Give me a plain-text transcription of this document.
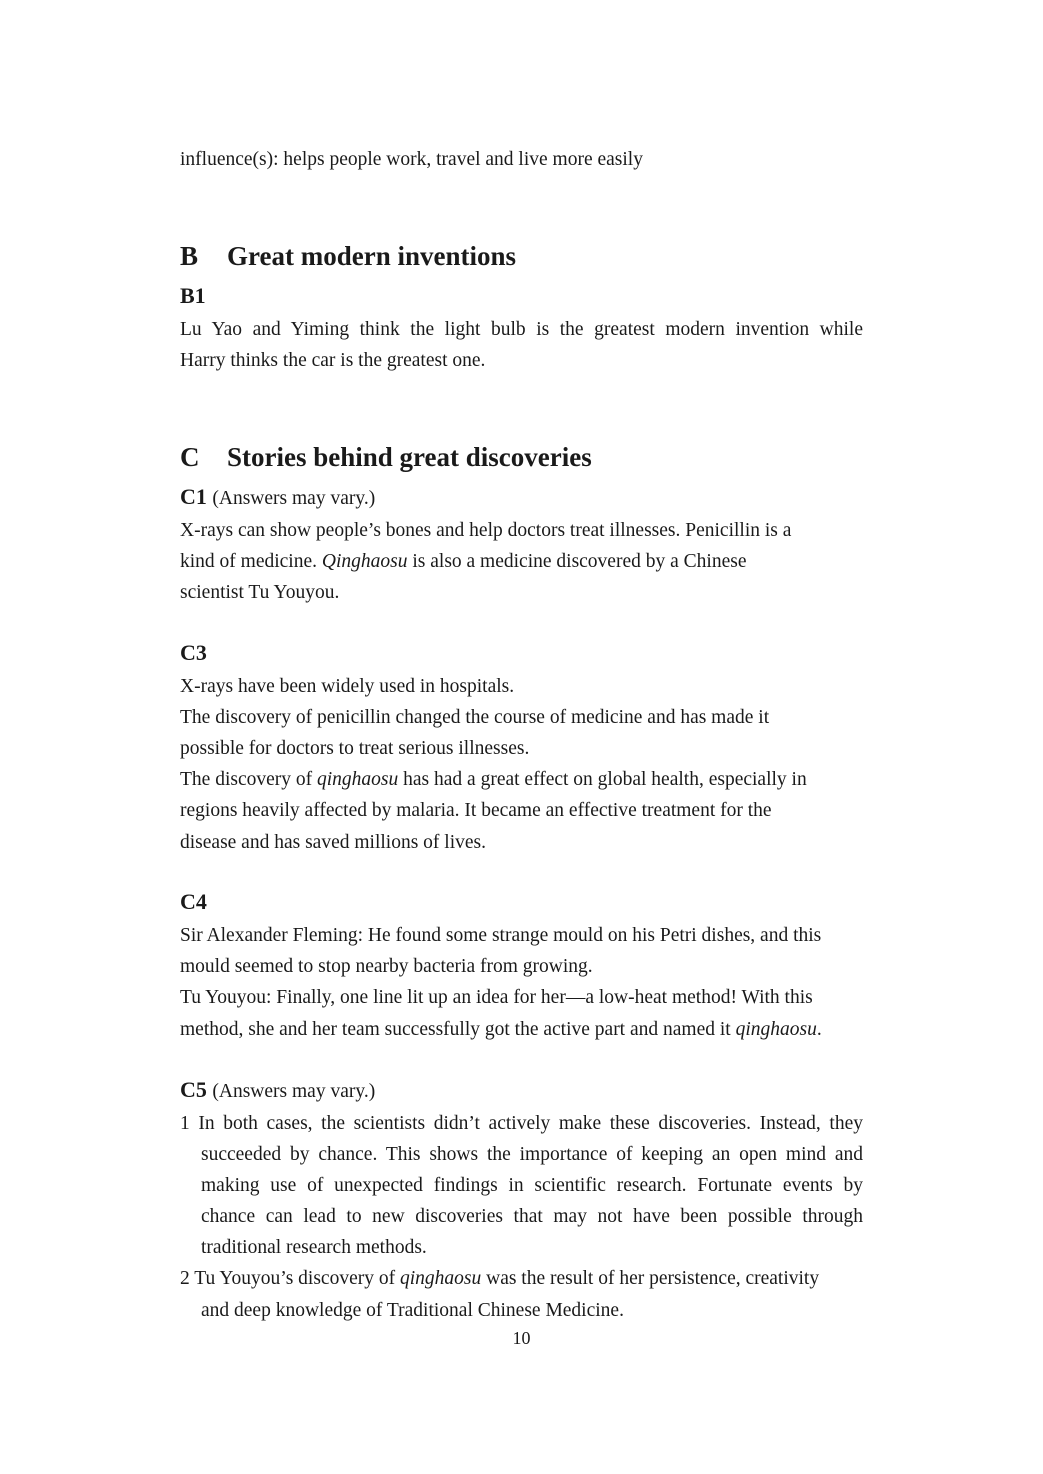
influence(s): helps people work, travel and live more easily
B Great modern inventions
B1
Lu Yao and Yiming think the light bulb is the greatest modern invention while
Harry thinks the car is the greatest one.
C Stories behind great discoveries
C1 (Answers may vary.)
X-rays can show people’s bones and help doctors treat illnesses. Penicillin is a
kind of medicine. Qinghaosu is also a medicine discovered by a Chinese
scientist Tu Youyou.
C3
X-rays have been widely used in hospitals.
The discovery of penicillin changed the course of medicine and has made it
possible for doctors to treat serious illnesses.
The discovery of qinghaosu has had a great effect on global health, especially in
regions heavily affected by malaria. It became an effective treatment for the
disease and has saved millions of lives.
C4
Sir Alexander Fleming: He found some strange mould on his Petri dishes, and this
mould seemed to stop nearby bacteria from growing.
Tu Youyou: Finally, one line lit up an idea for her—a low-heat method! With this
method, she and her team successfully got the active part and named it qinghaosu.
C5 (Answers may vary.)
1 In both cases, the scientists didn’t actively make these discoveries. Instead, they
succeeded by chance. This shows the importance of keeping an open mind and
making use of unexpected findings in scientific research. Fortunate events by
chance can lead to new discoveries that may not have been possible through
traditional research methods.
2 Tu Youyou’s discovery of qinghaosu was the result of her persistence, creativity
and deep knowledge of Traditional Chinese Medicine.
10
